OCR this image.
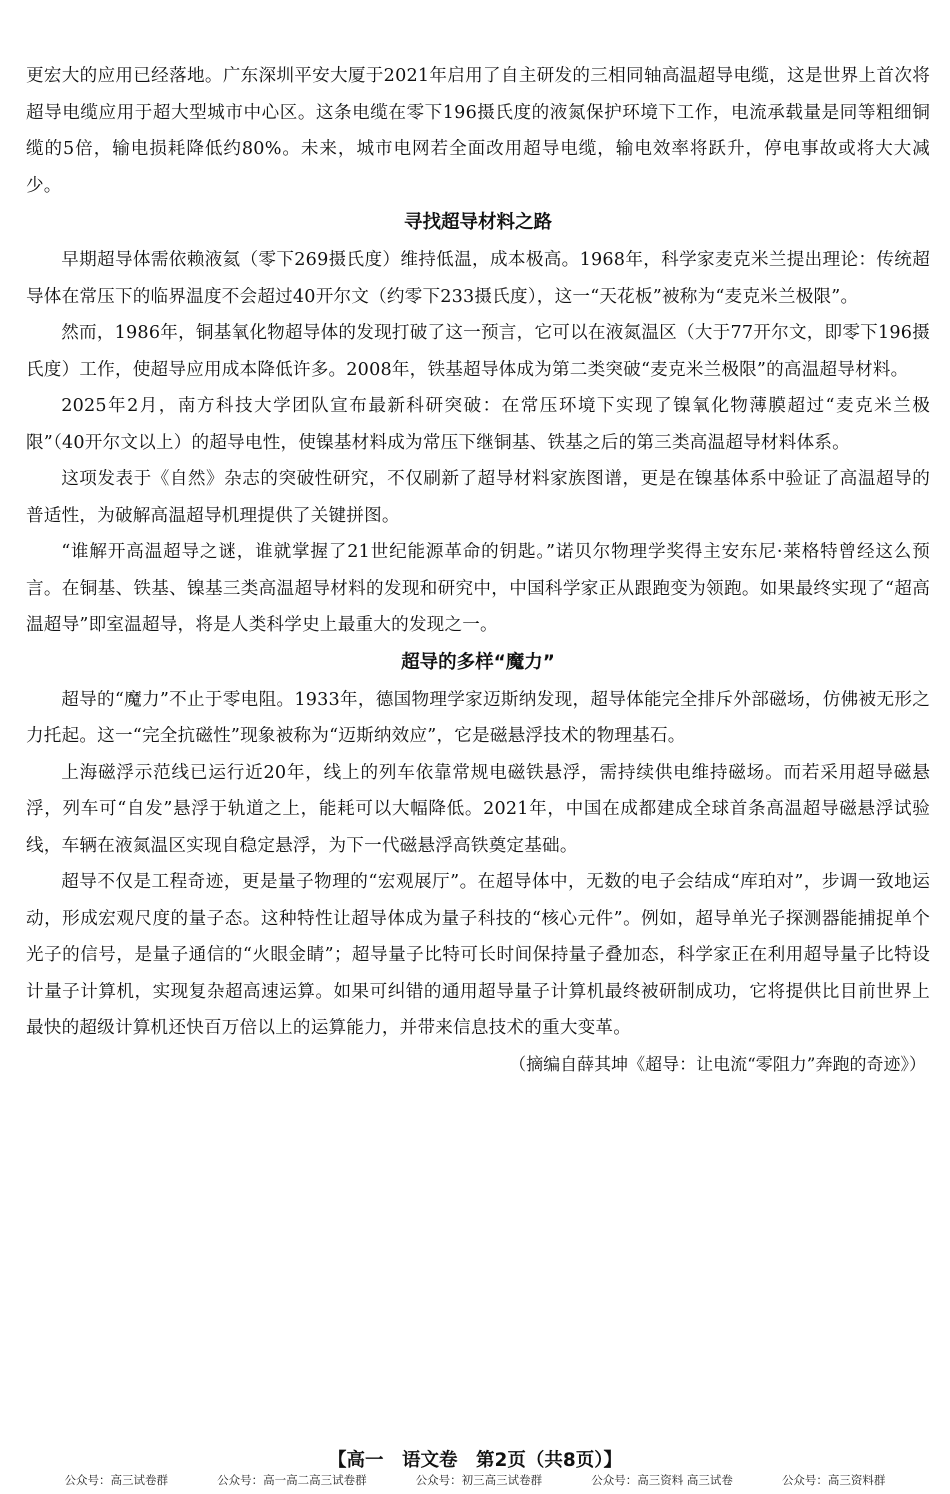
更宏大的应用已经落地。广东深圳平安大厦于2021年启用了自主研发的三相同轴高温超导电缆，这是世界上首次将超导电缆应用于超大型城市中心区。这条电缆在零下196摄氏度的液氮保护环境下工作，电流承载量是同等粗细铜缆的5倍，输电损耗降低约80%。未来，城市电网若全面改用超导电缆，输电效率将跃升，停电事故或将大大减少。

寻找超导材料之路

早期超导体需依赖液氦（零下269摄氏度）维持低温，成本极高。1968年，科学家麦克米兰提出理论：传统超导体在常压下的临界温度不会超过40开尔文（约零下233摄氏度），这一“天花板”被称为“麦克米兰极限”。

然而，1986年，铜基氧化物超导体的发现打破了这一预言，它可以在液氮温区（大于77开尔文，即零下196摄氏度）工作，使超导应用成本降低许多。2008年，铁基超导体成为第二类突破“麦克米兰极限”的高温超导材料。

2025年2月，南方科技大学团队宣布最新科研突破：在常压环境下实现了镍氧化物薄膜超过“麦克米兰极限”（40开尔文以上）的超导电性，使镍基材料成为常压下继铜基、铁基之后的第三类高温超导材料体系。

这项发表于《自然》杂志的突破性研究，不仅刷新了超导材料家族图谱，更是在镍基体系中验证了高温超导的普适性，为破解高温超导机理提供了关键拼图。

“谁解开高温超导之谜，谁就掌握了21世纪能源革命的钥匙。”诺贝尔物理学奖得主安东尼·莱格特曾经这么预言。在铜基、铁基、镍基三类高温超导材料的发现和研究中，中国科学家正从跟跑变为领跑。如果最终实现了“超高温超导”即室温超导，将是人类科学史上最重大的发现之一。

超导的多样“魔力”

超导的“魔力”不止于零电阻。1933年，德国物理学家迈斯纳发现，超导体能完全排斥外部磁场，仿佛被无形之力托起。这一“完全抗磁性”现象被称为“迈斯纳效应”，它是磁悬浮技术的物理基石。

上海磁浮示范线已运行近20年，线上的列车依靠常规电磁铁悬浮，需持续供电维持磁场。而若采用超导磁悬浮，列车可“自发”悬浮于轨道之上，能耗可以大幅降低。2021年，中国在成都建成全球首条高温超导磁悬浮试验线，车辆在液氮温区实现自稳定悬浮，为下一代磁悬浮高铁奠定基础。

超导不仅是工程奇迹，更是量子物理的“宏观展厅”。在超导体中，无数的电子会结成“库珀对”，步调一致地运动，形成宏观尺度的量子态。这种特性让超导体成为量子科技的“核心元件”。例如，超导单光子探测器能捕捉单个光子的信号，是量子通信的“火眼金睛”；超导量子比特可长时间保持量子叠加态，科学家正在利用超导量子比特设计量子计算机，实现复杂超高速运算。如果可纠错的通用超导量子计算机最终被研制成功，它将提供比目前世界上最快的超级计算机还快百万倍以上的运算能力，并带来信息技术的重大变革。

（摘编自薛其坤《超导：让电流“零阻力”奔跑的奇迹》）

【高一　语文卷　第2页（共8页）】
公众号：高三试卷群	公众号：高一高二高三试卷群	公众号：初三高三试卷群	公众号：高三资料 高三试卷	公众号：高三资料群
